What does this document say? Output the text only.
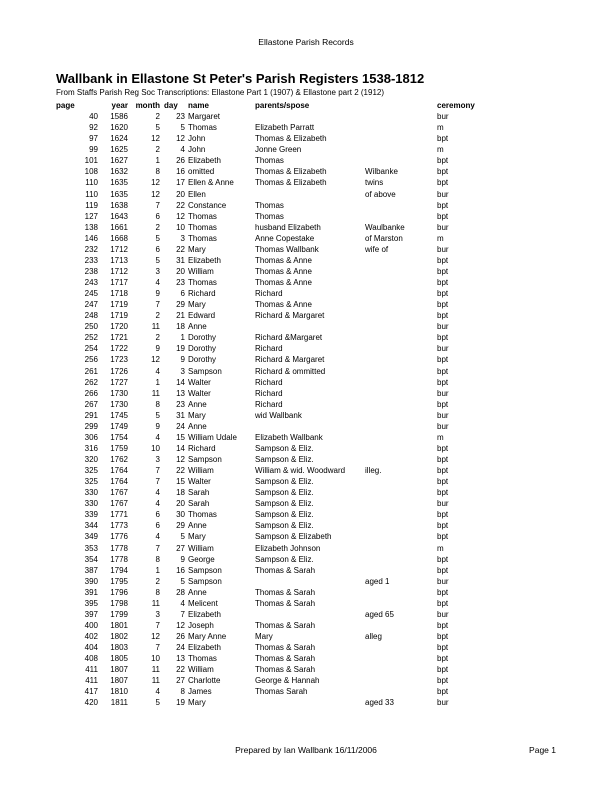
Ellastone Parish Records
Wallbank in Ellastone St Peter's Parish Registers 1538-1812
From Staffs Parish Reg Soc Transcriptions: Ellastone Part 1 (1907) & Ellastone part 2 (1912)
page	year	month	day	name	parents/spose		ceremony
40	1586	2	23	Margaret			bur
92	1620	5	5	Thomas	Elizabeth Parratt		m
97	1624	12	12	John	Thomas & Elizabeth		bpt
99	1625	2	4	John	Jonne Green		m
101	1627	1	26	Elizabeth	Thomas		bpt
108	1632	8	16	omitted	Thomas & Elizabeth	Wilbanke	bpt
110	1635	12	17	Ellen & Anne	Thomas & Elizabeth	twins	bpt
110	1635	12	20	Ellen		of above	bur
119	1638	7	22	Constance	Thomas		bpt
127	1643	6	12	Thomas	Thomas		bpt
138	1661	2	10	Thomas	husband Elizabeth	Waulbanke	bur
146	1668	5	3	Thomas	Anne Copestake	of Marston	m
232	1712	6	22	Mary	Thomas Wallbank	wife of	bur
233	1713	5	31	Elizabeth	Thomas & Anne		bpt
238	1712	3	20	William	Thomas & Anne		bpt
243	1717	4	23	Thomas	Thomas & Anne		bpt
245	1718	9	6	Richard	Richard		bpt
247	1719	7	29	Mary	Thomas & Anne		bpt
248	1719	2	21	Edward	Richard & Margaret		bpt
250	1720	11	18	Anne			bur
252	1721	2	1	Dorothy	Richard &Margaret		bpt
254	1722	9	19	Dorothy	Richard		bur
256	1723	12	9	Dorothy	Richard & Margaret		bpt
261	1726	4	3	Sampson	Richard & ommitted		bpt
262	1727	1	14	Walter	Richard		bpt
266	1730	11	13	Walter	Richard		bur
267	1730	8	23	Anne	Richard		bpt
291	1745	5	31	Mary	wid Wallbank		bur
299	1749	9	24	Anne			bur
306	1754	4	15	William Udale	Elizabeth Wallbank		m
316	1759	10	14	Richard	Sampson & Eliz.		bpt
320	1762	3	12	Sampson	Sampson & Eliz.		bpt
325	1764	7	22	William	William & wid. Woodward	illeg.	bpt
325	1764	7	15	Walter	Sampson & Eliz.		bpt
330	1767	4	18	Sarah	Sampson & Eliz.		bpt
330	1767	4	20	Sarah	Sampson & Eliz.		bur
339	1771	6	30	Thomas	Sampson & Eliz.		bpt
344	1773	6	29	Anne	Sampson & Eliz.		bpt
349	1776	4	5	Mary	Sampson & Elizabeth		bpt
353	1778	7	27	William	Elizabeth Johnson		m
354	1778	8	9	George	Sampson & Eliz.		bpt
387	1794	1	16	Sampson	Thomas & Sarah		bpt
390	1795	2	5	Sampson		aged 1	bur
391	1796	8	28	Anne	Thomas & Sarah		bpt
395	1798	11	4	Melicent	Thomas & Sarah		bpt
397	1799	3	7	Elizabeth		aged 65	bur
400	1801	7	12	Joseph	Thomas & Sarah		bpt
402	1802	12	26	Mary Anne	Mary	alleg	bpt
404	1803	7	24	Elizabeth	Thomas & Sarah		bpt
408	1805	10	13	Thomas	Thomas & Sarah		bpt
411	1807	11	22	William	Thomas & Sarah		bpt
411	1807	11	27	Charlotte	George & Hannah		bpt
417	1810	4	8	James	Thomas Sarah		bpt
420	1811	5	19	Mary		aged 33	bur
Prepared by Ian Wallbank 16/11/2006	Page 1
